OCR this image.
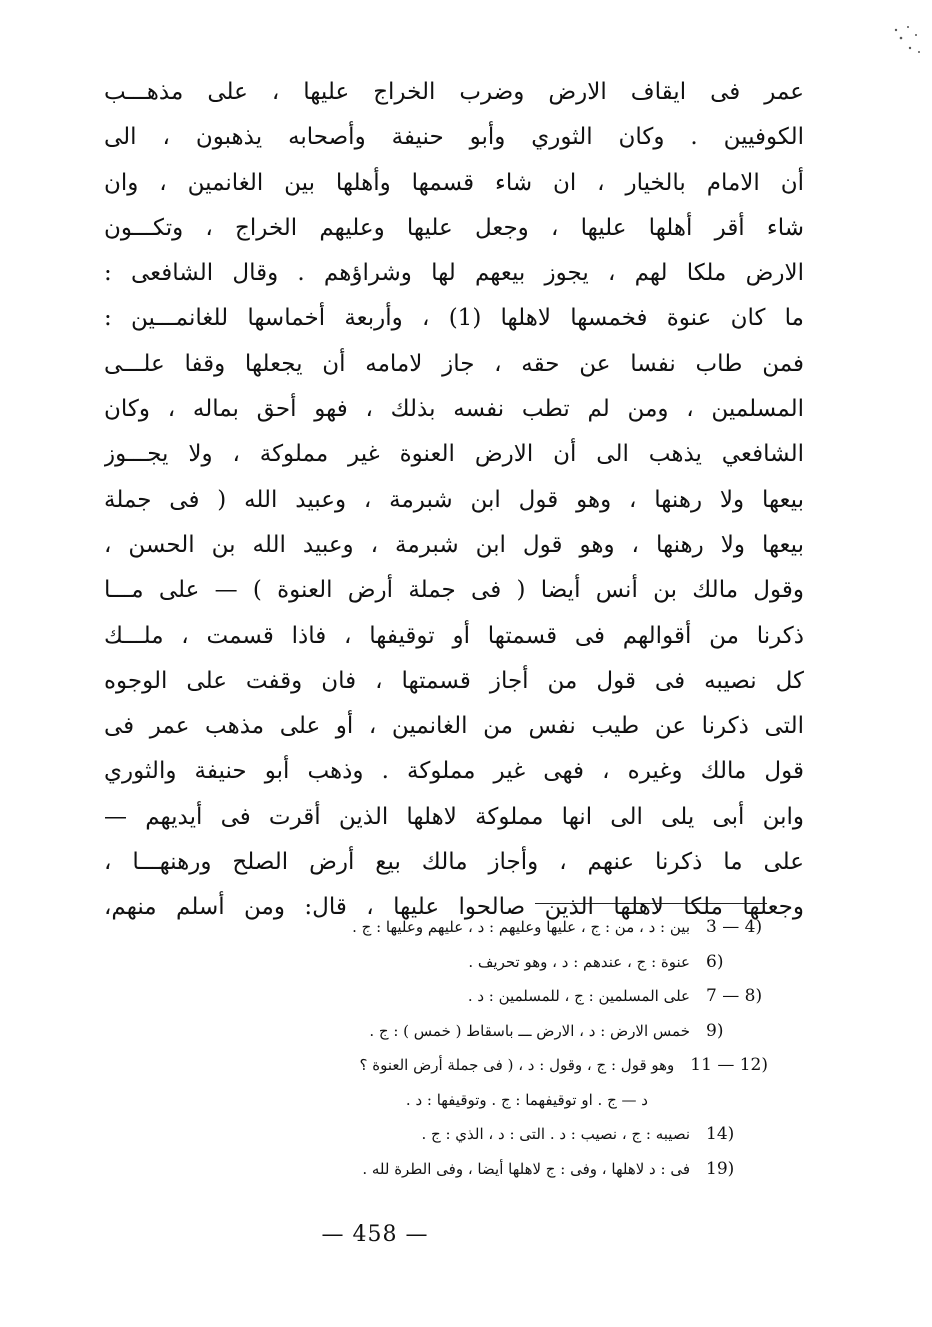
عمر فى ايقاف الارض وضرب الخراج عليها ، على مذهـــب
الكوفيين . وكان الثوري وأبو حنيفة وأصحابه يذهبون ، الى
أن الامام بالخيار ، ان شاء قسمها وأهلها بين الغانمين ، وان
شاء أقر أهلها عليها ، وجعل عليها وعليهم الخراج ، وتكـــون
الارض ملكا لهم ، يجوز بيعهم لها وشراؤهم . وقال الشافعى :
ما كان عنوة فخمسها لاهلها (1) ، وأربعة أخماسها للغانمـــين :
فمن طاب نفسا عن حقه ، جاز لامامه أن يجعلها وقفا علـــى
المسلمين ، ومن لم تطب نفسه بذلك ، فهو أحق بماله ، وكان
الشافعي يذهب الى أن الارض العنوة غير مملوكة ، ولا يجـــوز
بيعها ولا رهنها ، وهو قول ابن شبرمة ، وعبيد الله ( فى جملة
بيعها ولا رهنها ، وهو قول ابن شبرمة ، وعبيد الله بن الحسن ،
وقول مالك بن أنس أيضا ( فى جملة أرض العنوة ) — على مـــا
ذكرنا من أقوالهم فى قسمتها أو توقيفها ، فاذا قسمت ، ملـــك
كل نصيبه فى قول من أجاز قسمتها ، فان وقفت على الوجوه
التى ذكرنا عن طيب نفس من الغانمين ، أو على مذهب عمر فى
قول مالك وغيره ، فهى غير مملوكة . وذهب أبو حنيفة والثوري
وابن أبى يلى الى انها مملوكة لاهلها الذين أقرت فى أيديهم —
على ما ذكرنا عنهم ، وأجاز مالك بيع أرض الصلح ورهنهـــا ،
وجعلها ملكا لاهلها الذين صالحوا عليها ، قال: ومن أسلم منهم،
3 — 4)بين : د ، من : ج ، عليها وعليهم : د ، عليهم وعليها : ج .
6)عنوة : ج ، عندهم : د ، وهو تحريف .
7 — 8)على المسلمين : ج ، للمسلمين : د .
9)خمس الارض : د ، الارض ـــ باسقاط ( خمس ) : ج .
11 — 12)وهو قول : ج ، وقول : د ، ( فى جملة أرض العنوة ؟
د — ج . او توقيفهما : ج . وتوقيفها : د .
14)نصيبه : ج ، نصيب : د . التى : د ، الذي : ج .
19)فى : د لاهلها ، وفى : ج لاهلها أيضا ، وفى الطرة لله .
— 458 —
